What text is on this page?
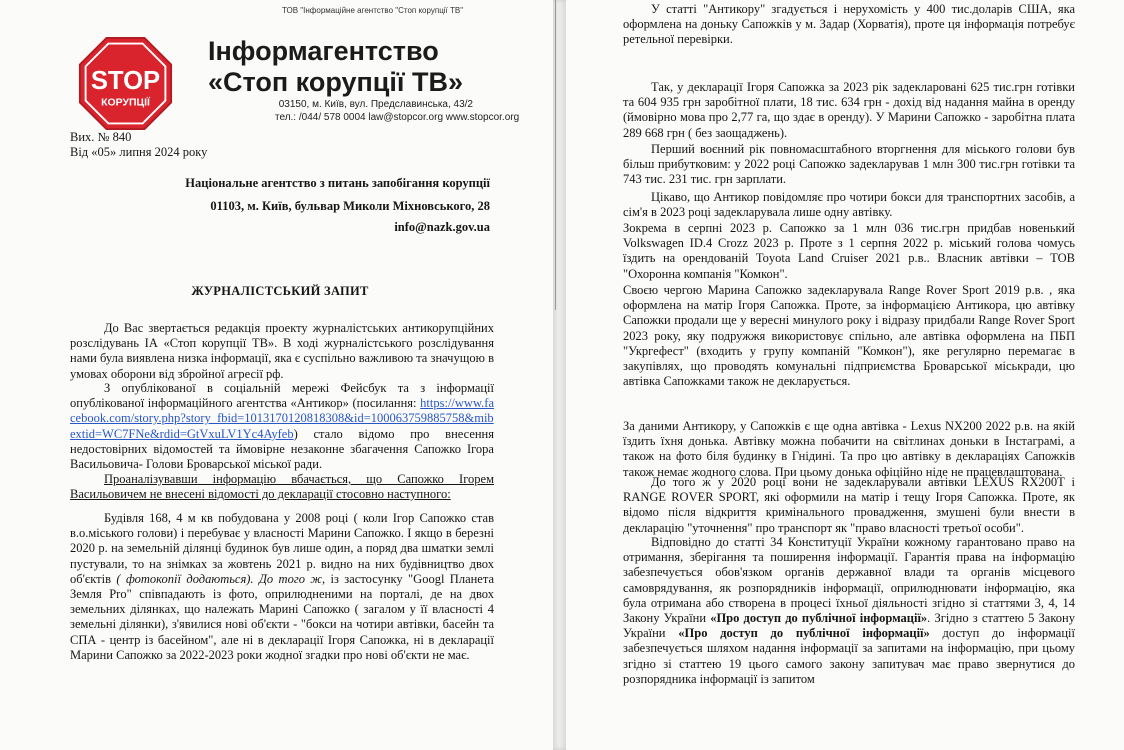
ТОВ "Інформаційне агентство "Стоп корупції ТВ"
STOP
КОРУПЦІЇ
Інформагентство
«Стоп корупції ТВ»
03150, м. Київ, вул. Предславинська, 43/2
тел.: /044/ 578 0004 law@stopcor.org www.stopcor.org
Вих. № 840
Від «05» липня 2024 року
Національне агентство з питань запобігання корупції
01103, м. Київ, бульвар Миколи Міхновського, 28
info@nazk.gov.ua
ЖУРНАЛІСТСЬКИЙ ЗАПИТ

До Вас звертається редакція проекту журналістських антикорупційних розслідувань ІА «Стоп корупції ТВ». В ході журналістського розслідування нами була виявлена низка інформації, яка є суспільно важливою та значущою в умовах оборони від збройної агресії рф.

З опублікованої в соціальній мережі Фейсбук та з інформації опублікованої інформаційного агентства «Антикор» (посилання: https://www.facebook.com/story.php?story_fbid=1013170120818308&id=100063759885758&mibextid=WC7FNe&rdid=GtVxuLV1Yc4Ayfeb) стало відомо про внесення недостовірних відомостей та ймовірне незаконне збагачення Сапожко Ігора Васильовича- Голови Броварської міської ради.

Проаналізувавши інформацію вбачається, що Сапожко Ігорем Васильовичем не внесені відомості до декларації стосовно наступного:

Будівля 168, 4 м кв побудована у 2008 році ( коли Ігор Сапожко став в.о.міського голови) і перебуває у власності Марини Сапожко. І якщо в березні 2020 р. на земельній ділянці будинок був лише один, а поряд два шматки землі пустували, то на знімках за жовтень 2021 р. видно на них будівництво двох об'єктів ( фотокопії додаються). До того ж, із застосунку "Googl Планета Земля Pro" співпадають із фото, оприлюдненими на порталі, де на двох земельних ділянках, що належать Марині Сапожко ( загалом у її власності 4 земельні ділянки), з'явилися нові об'єкти - "бокси на чотири автівки, басейн та СПА - центр із басейном", але ні в декларації Ігоря Сапожка, ні в декларації Марини Сапожко за 2022-2023 роки жодної згадки про нові об'єкти не має.

У статті "Антикору" згадується і нерухомість у 400 тис.доларів США, яка оформлена на доньку Сапожків у м. Задар (Хорватія), проте ця інформація потребує ретельної перевірки.

Так, у декларації Ігоря Сапожка за 2023 рік задекларовані 625 тис.грн готівки та 604 935 грн заробітної плати, 18 тис. 634 грн - дохід від надання майна в оренду (ймовірно мова про 2,77 га, що здає в оренду). У Марини Сапожко - заробітна плата 289 668 грн ( без заощаджень).

Перший воєнний рік повномасштабного вторгнення для міського голови був більш прибутковим: у 2022 році Сапожко задекларував 1 млн 300 тис.грн готівки та 743 тис. 231 тис. грн зарплати.

Цікаво, що Антикор повідомляє про чотири бокси для транспортних засобів, а сім'я в 2023 році задекларувала лише одну автівку.

Зокрема в серпні 2023 р. Сапожко за 1 млн 036 тис.грн придбав новенький Volkswagen ID.4 Crozz 2023 р. Проте з 1 серпня 2022 р. міський голова чомусь їздить на орендованій Toyota Land Cruiser 2021 р.в.. Власник автівки – ТОВ "Охоронна компанія "Комкон".

Своєю чергою Марина Сапожко задекларувала Range Rover Sport 2019 р.в. , яка оформлена на матір Ігоря Сапожка. Проте, за інформацією Антикора, цю автівку Сапожки продали ще у вересні минулого року і відразу придбали Range Rover Sport 2023 року, яку подружжя використовує спільно, але автівка оформлена на ПБП "Укргефест" (входить у групу компаній "Комкон"), яке регулярно перемагає в закупівлях, що проводять комунальні підприємства Броварської міськради, цю автівка Сапожками також не декларується.

За даними Антикору, у Сапожків є ще одна автівка - Lexus NX200 2022 р.в. на якій їздить їхня донька. Автівку можна побачити на світлинах доньки в Інстаграмі, а також на фото біля будинку в Гнідині. Та про цю автівку в деклараціях Сапожків також немає жодного слова. При цьому донька офіційно ніде не працевлаштована.

До того ж у 2020 році вони не задекларували автівки LEXUS RX200T і RANGE ROVER SPORT, які оформили на матір і тещу Ігоря Сапожка. Проте, як відомо після відкриття кримінального провадження, змушені були внести в декларацію "уточнення" про транспорт як "право власності третьої особи".

Відповідно до статті 34 Конституції України кожному гарантовано право на отримання, зберігання та поширення інформації. Гарантія права на інформацію забезпечується обов'язком органів державної влади та органів місцевого самоврядування, як розпорядників інформації, оприлюднювати інформацію, яка була отримана або створена в процесі їхньої діяльності згідно зі статтями 3, 4, 14 Закону України «Про доступ до публічної інформації». Згідно з статтею 5 Закону України «Про доступ до публічної інформації» доступ до інформації забезпечується шляхом надання інформації за запитами на інформацію, при цьому згідно зі статтею 19 цього самого закону запитувач має право звернутися до розпорядника інформації із запитом
